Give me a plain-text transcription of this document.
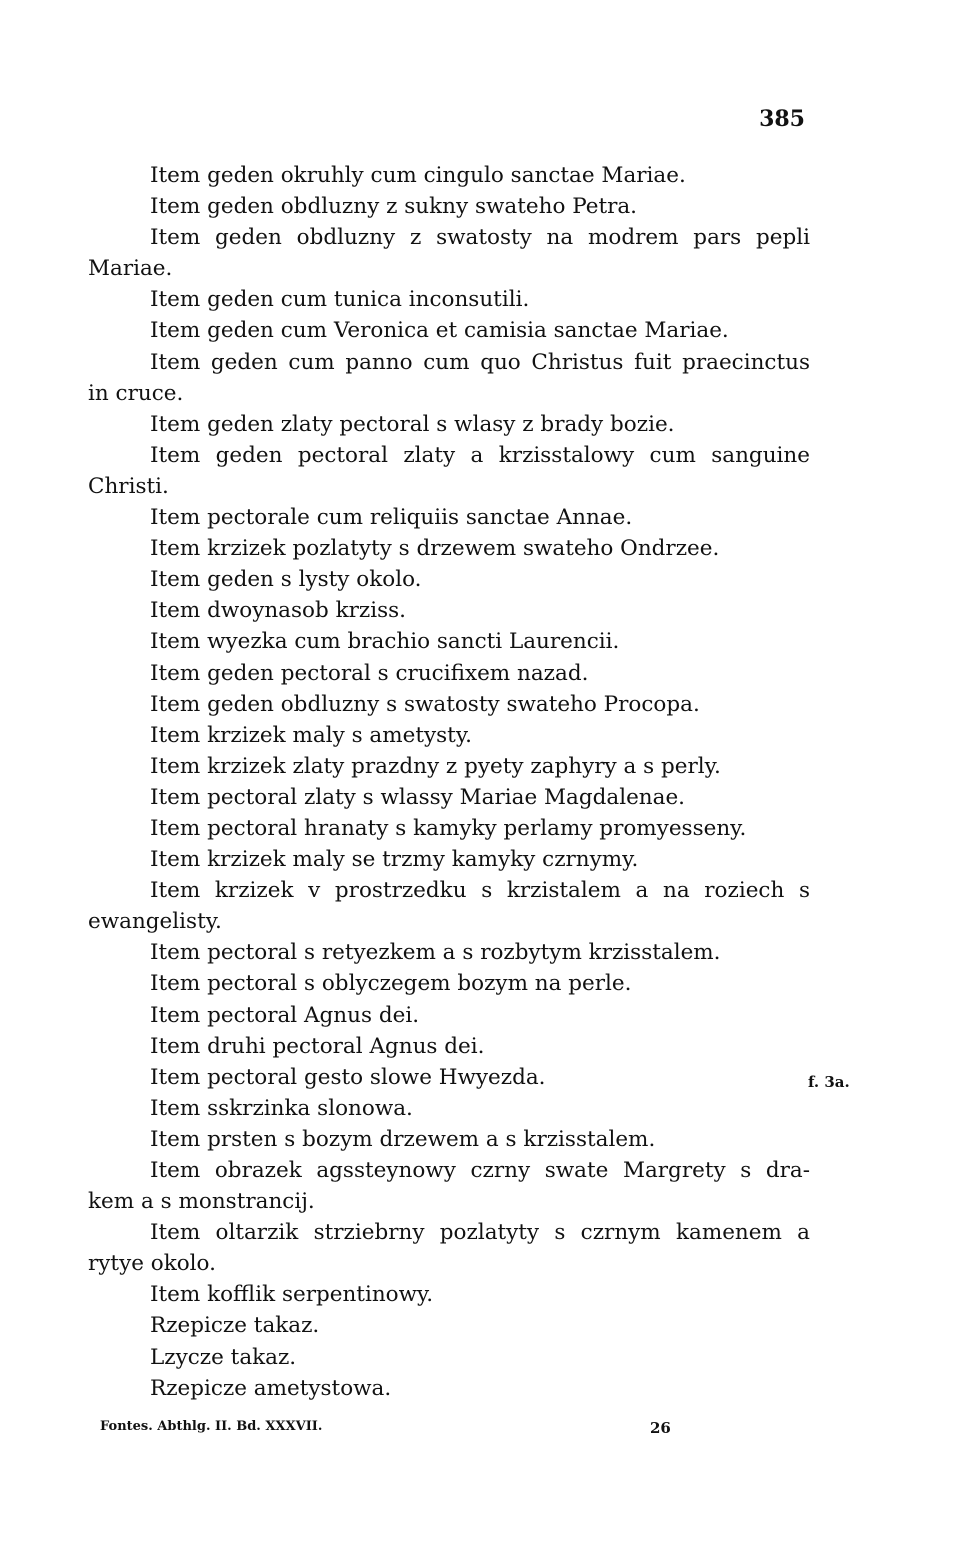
385
Item geden okruhly cum cingulo sanctae Mariae.
Item geden obdluzny z sukny swateho Petra.
Item geden obdluzny z swatosty na modrem pars pepli
Mariae.
Item geden cum tunica inconsutili.
Item geden cum Veronica et camisia sanctae Mariae.
Item geden cum panno cum quo Christus fuit praecinctus
in cruce.
Item geden zlaty pectoral s wlasy z brady bozie.
Item geden pectoral zlaty a krzisstalowy cum sanguine
Christi.
Item pectorale cum reliquiis sanctae Annae.
Item krzizek pozlatyty s drzewem swateho Ondrzee.
Item geden s lysty okolo.
Item dwoynasob krziss.
Item wyezka cum brachio sancti Laurencii.
Item geden pectoral s crucifixem nazad.
Item geden obdluzny s swatosty swateho Procopa.
Item krzizek maly s ametysty.
Item krzizek zlaty prazdny z pyety zaphyry a s perly.
Item pectoral zlaty s wlassy Mariae Magdalenae.
Item pectoral hranaty s kamyky perlamy promyesseny.
Item krzizek maly se trzmy kamyky czrnymy.
Item krzizek v prostrzedku s krzistalem a na roziech s
ewangelisty.
Item pectoral s retyezkem a s rozbytym krzisstalem.
Item pectoral s oblyczegem bozym na perle.
Item pectoral Agnus dei.
Item druhi pectoral Agnus dei.
Item pectoral gesto slowe Hwyezda.
Item sskrzinka slonowa.
Item prsten s bozym drzewem a s krzisstalem.
Item obrazek agssteynowy czrny swate Margrety s dra-
kem a s monstrancij.
Item oltarzik strziebrny pozlatyty s czrnym kamenem a
rytye okolo.
Item kofflik serpentinowy.
Rzepicze takaz.
Lzycze takaz.
Rzepicze ametystowa.
f. 3a.
Fontes. Abthlg. II. Bd. XXXVII.	26
